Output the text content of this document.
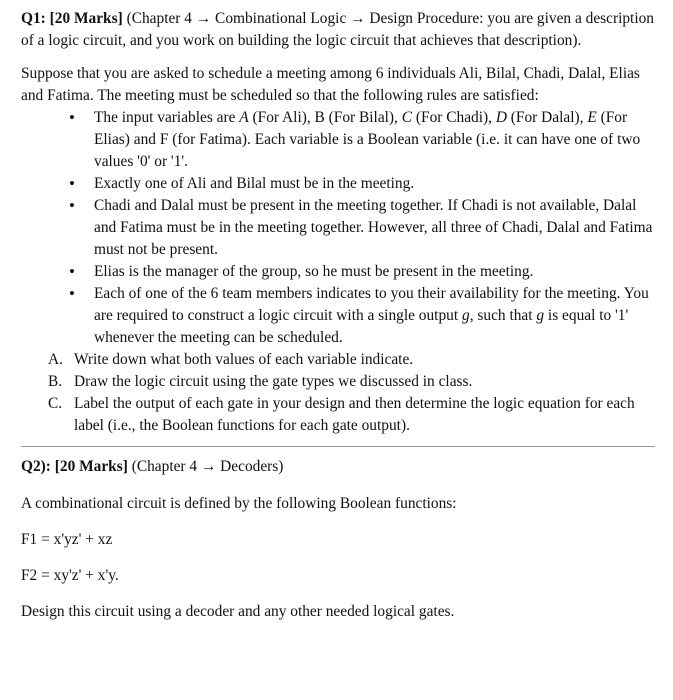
Q1: [20 Marks] (Chapter 4 → Combinational Logic → Design Procedure: you are given a description of a logic circuit, and you work on building the logic circuit that achieves that description).

Suppose that you are asked to schedule a meeting among 6 individuals Ali, Bilal, Chadi, Dalal, Elias and Fatima. The meeting must be scheduled so that the following rules are satisfied:

• The input variables are A (For Ali), B (For Bilal), C (For Chadi), D (For Dalal), E (For Elias) and F (for Fatima). Each variable is a Boolean variable (i.e. it can have one of two values '0' or '1'.
• Exactly one of Ali and Bilal must be in the meeting.
• Chadi and Dalal must be present in the meeting together. If Chadi is not available, Dalal and Fatima must be in the meeting together. However, all three of Chadi, Dalal and Fatima must not be present.
• Elias is the manager of the group, so he must be present in the meeting.
• Each of one of the 6 team members indicates to you their availability for the meeting. You are required to construct a logic circuit with a single output g, such that g is equal to '1' whenever the meeting can be scheduled.
A. Write down what both values of each variable indicate.
B. Draw the logic circuit using the gate types we discussed in class.
C. Label the output of each gate in your design and then determine the logic equation for each label (i.e., the Boolean functions for each gate output).

Q2): [20 Marks] (Chapter 4 → Decoders)

A combinational circuit is defined by the following Boolean functions:

F1 = x'yz' + xz

F2 = xy'z' + x'y.

Design this circuit using a decoder and any other needed logical gates.
